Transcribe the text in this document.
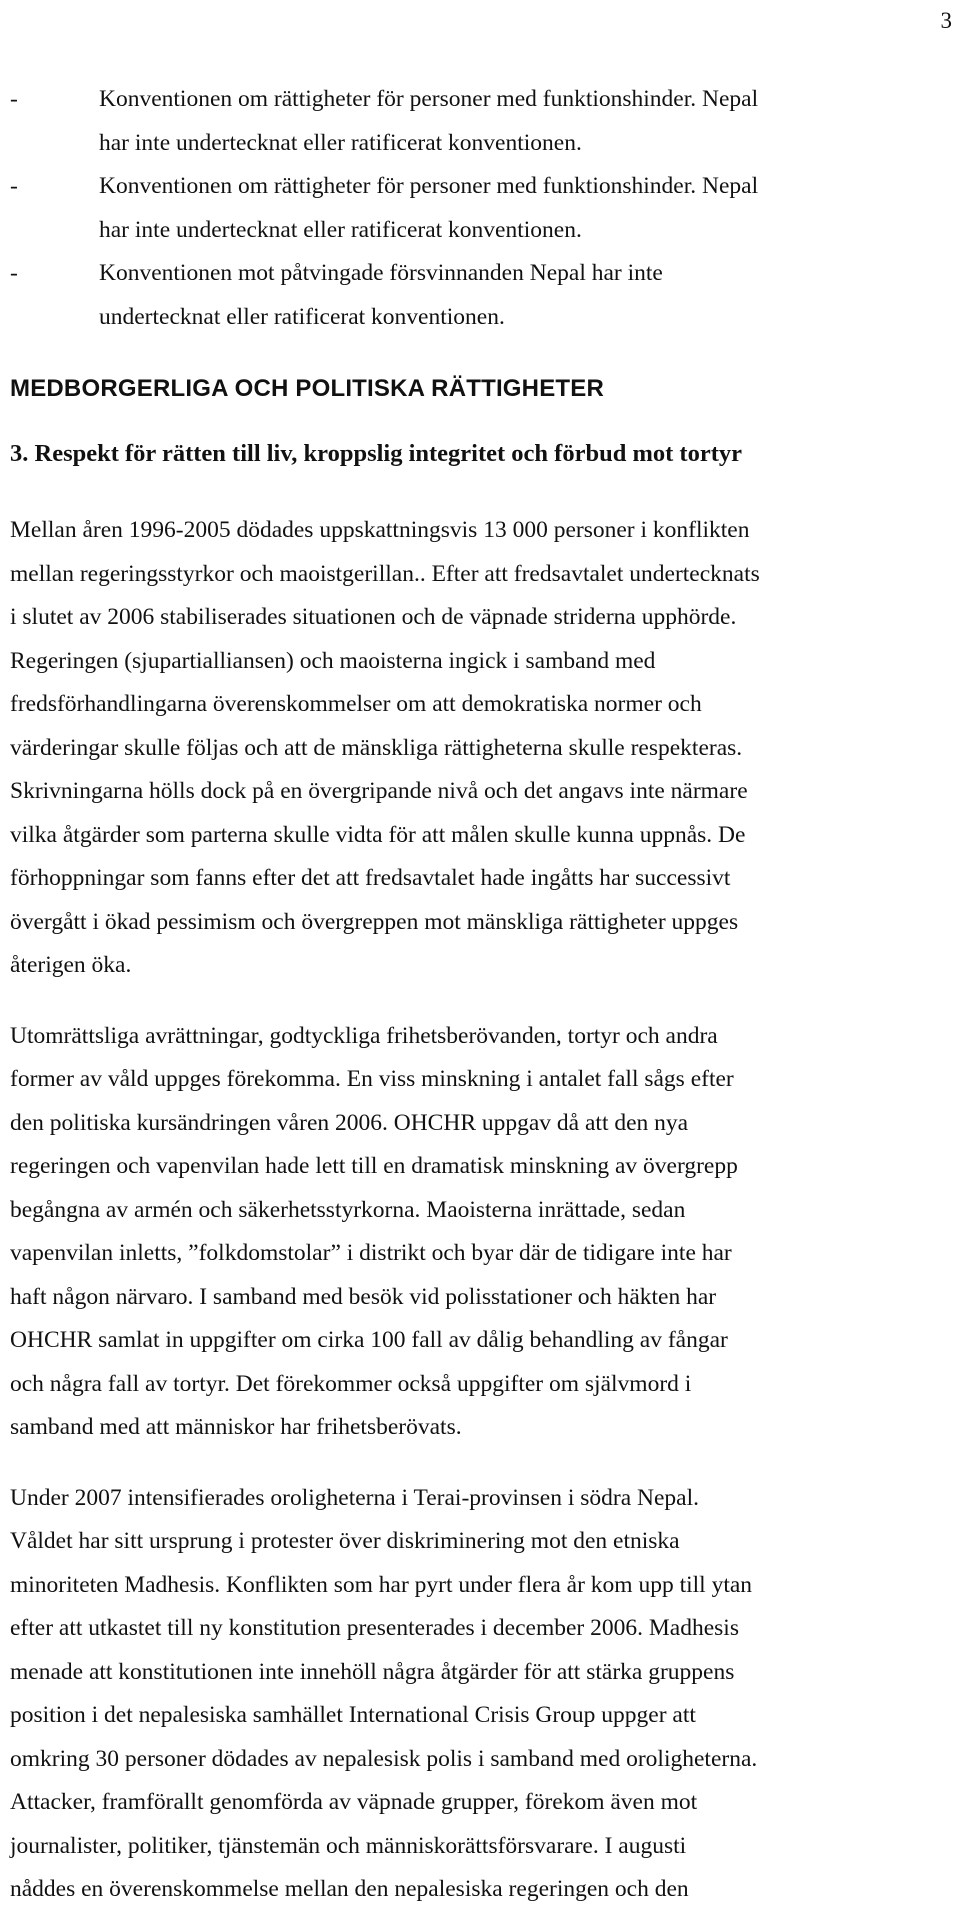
3
-	Konventionen om rättigheter för personer med funktionshinder. Nepal
har inte undertecknat eller ratificerat konventionen.
-	Konventionen om rättigheter för personer med funktionshinder. Nepal
har inte undertecknat eller ratificerat konventionen.
-	Konventionen mot påtvingade försvinnanden Nepal har inte
undertecknat eller ratificerat konventionen.
MEDBORGERLIGA OCH POLITISKA RÄTTIGHETER
3. Respekt för rätten till liv, kroppslig integritet och förbud mot tortyr
Mellan åren 1996-2005 dödades uppskattningsvis 13 000 personer i konflikten
mellan regeringsstyrkor och maoistgerillan.. Efter att fredsavtalet undertecknats
i slutet av 2006 stabiliserades situationen och de väpnade striderna upphörde.
Regeringen (sjupartialliansen) och maoisterna ingick i samband med
fredsförhandlingarna överenskommelser om att demokratiska normer och
värderingar skulle följas och att de mänskliga rättigheterna skulle respekteras.
Skrivningarna hölls dock på en övergripande nivå och det angavs inte närmare
vilka åtgärder som parterna skulle vidta för att målen skulle kunna uppnås. De
förhoppningar som fanns efter det att fredsavtalet hade ingåtts har successivt
övergått i ökad pessimism och övergreppen mot mänskliga rättigheter uppges
återigen öka.
Utomrättsliga avrättningar, godtyckliga frihetsberövanden, tortyr och andra
former av våld uppges förekomma. En viss minskning i antalet fall sågs efter
den politiska kursändringen våren 2006. OHCHR uppgav då att den nya
regeringen och vapenvilan hade lett till en dramatisk minskning av övergrepp
begångna av armén och säkerhetsstyrkorna. Maoisterna inrättade, sedan
vapenvilan inletts, ”folkdomstolar” i distrikt och byar där de tidigare inte har
haft någon närvaro. I samband med besök vid polisstationer och häkten har
OHCHR samlat in uppgifter om cirka 100 fall av dålig behandling av fångar
och några fall av tortyr. Det förekommer också uppgifter om självmord i
samband med att människor har frihetsberövats.
Under 2007 intensifierades oroligheterna i Terai-provinsen i södra Nepal.
Våldet har sitt ursprung i protester över diskriminering mot den etniska
minoriteten Madhesis. Konflikten som har pyrt under flera år kom upp till ytan
efter att utkastet till ny konstitution presenterades i december 2006. Madhesis
menade att konstitutionen inte innehöll några åtgärder för att stärka gruppens
position i det nepalesiska samhället International Crisis Group uppger att
omkring 30 personer dödades av nepalesisk polis i samband med oroligheterna.
Attacker, framförallt genomförda av väpnade grupper, förekom även mot
journalister, politiker, tjänstemän och människorättsförsvarare. I augusti
nåddes en överenskommelse mellan den nepalesiska regeringen och den
